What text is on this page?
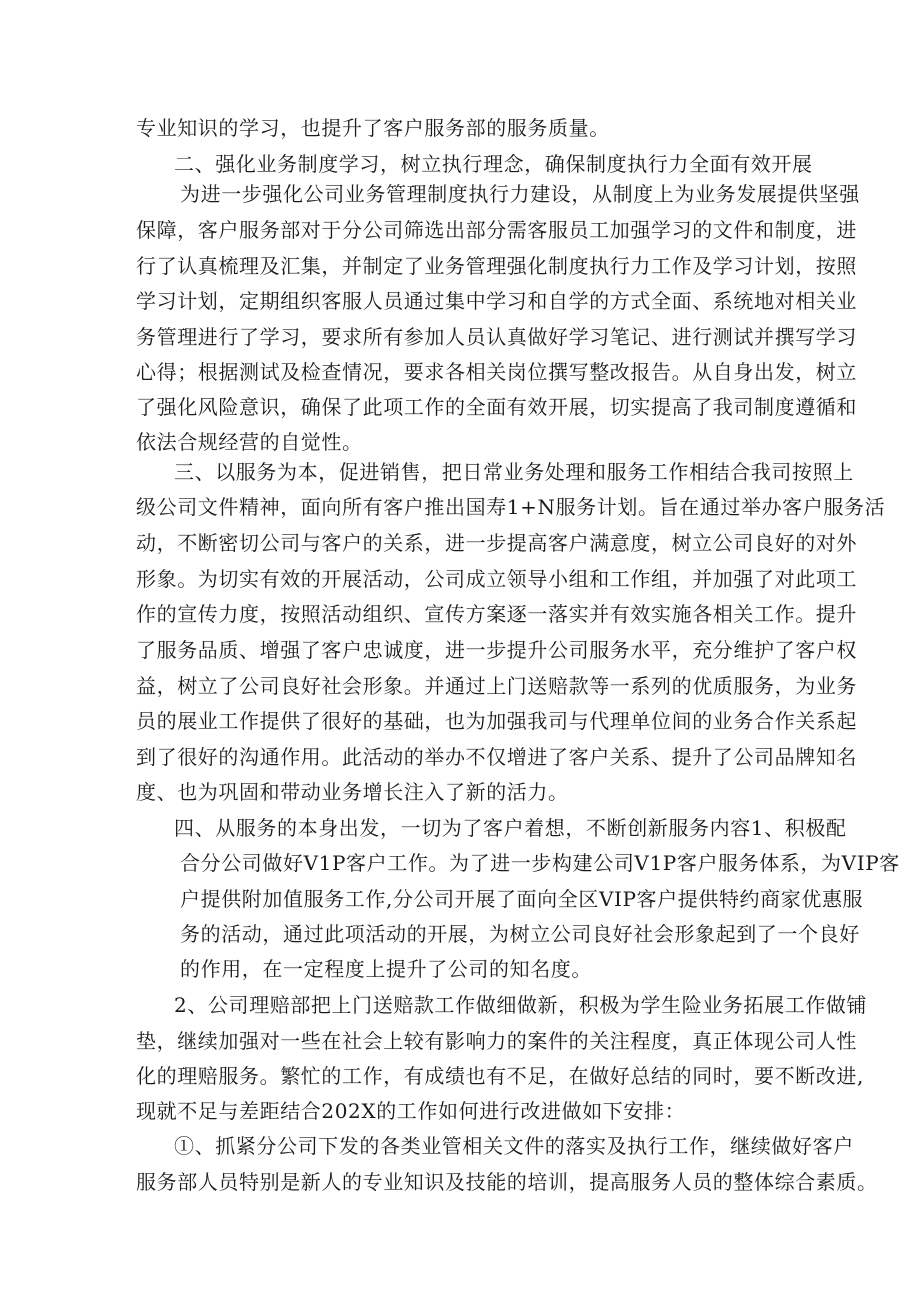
专业知识的学习，也提升了客户服务部的服务质量。
二、强化业务制度学习，树立执行理念，确保制度执行力全面有效开展
为进一步强化公司业务管理制度执行力建设，从制度上为业务发展提供坚强
保障，客户服务部对于分公司筛选出部分需客服员工加强学习的文件和制度，进
行了认真梳理及汇集，并制定了业务管理强化制度执行力工作及学习计划，按照
学习计划，定期组织客服人员通过集中学习和自学的方式全面、系统地对相关业
务管理进行了学习，要求所有参加人员认真做好学习笔记、进行测试并撰写学习
心得；根据测试及检查情况，要求各相关岗位撰写整改报告。从自身出发，树立
了强化风险意识，确保了此项工作的全面有效开展，切实提高了我司制度遵循和
依法合规经营的自觉性。
三、以服务为本，促进销售，把日常业务处理和服务工作相结合我司按照上
级公司文件精神，面向所有客户推出国寿1+N服务计划。旨在通过举办客户服务活
动，不断密切公司与客户的关系，进一步提高客户满意度，树立公司良好的对外
形象。为切实有效的开展活动，公司成立领导小组和工作组，并加强了对此项工
作的宣传力度，按照活动组织、宣传方案逐一落实并有效实施各相关工作。提升
了服务品质、增强了客户忠诚度，进一步提升公司服务水平，充分维护了客户权
益，树立了公司良好社会形象。并通过上门送赔款等一系列的优质服务，为业务
员的展业工作提供了很好的基础，也为加强我司与代理单位间的业务合作关系起
到了很好的沟通作用。此活动的举办不仅增进了客户关系、提升了公司品牌知名
度、也为巩固和带动业务增长注入了新的活力。
四、从服务的本身出发，一切为了客户着想，不断创新服务内容1、积极配
合分公司做好V1P客户工作。为了进一步构建公司V1P客户服务体系，为VIP客
户提供附加值服务工作,分公司开展了面向全区VIP客户提供特约商家优惠服
务的活动，通过此项活动的开展，为树立公司良好社会形象起到了一个良好
的作用，在一定程度上提升了公司的知名度。
2、公司理赔部把上门送赔款工作做细做新，积极为学生险业务拓展工作做铺
垫，继续加强对一些在社会上较有影响力的案件的关注程度，真正体现公司人性
化的理赔服务。繁忙的工作，有成绩也有不足，在做好总结的同时，要不断改进,
现就不足与差距结合202X的工作如何进行改进做如下安排：
①、抓紧分公司下发的各类业管相关文件的落实及执行工作，继续做好客户
服务部人员特别是新人的专业知识及技能的培训，提高服务人员的整体综合素质。
